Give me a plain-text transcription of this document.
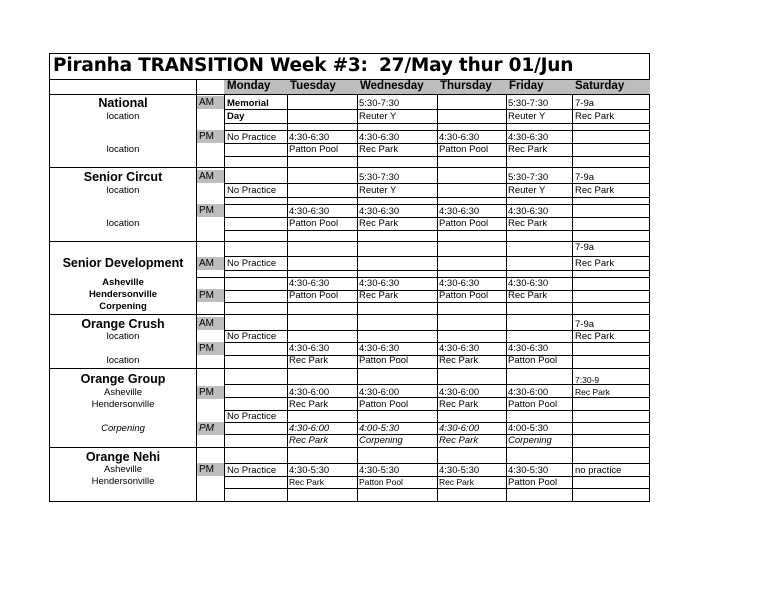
Piranha TRANSITION Week #3: 27/May thur 01/Jun
Monday Tuesday Wednesday Thursday Friday	Saturday
National
location
location
AM
PM
Memorial
Day
5:30-7:30
Reuter Y
5:30-7:30
Reuter Y
7-9a
Rec Park
No Practice 4:30-6:30
Patton Pool
4:30-6:30
Rec Park
4:30-6:30
Patton Pool
4:30-6:30
Rec Park
Senior Circut
location
location
AM
PM
No Practice
5:30-7:30
Reuter Y
5:30-7:30
Reuter Y
7-9a
Rec Park
4:30-6:30
Patton Pool
4:30-6:30
Rec Park
4:30-6:30
Patton Pool
4:30-6:30
Rec Park
Senior Development
Asheville
Hendersonville
Corpening
AM
PM
No Practice
7-9a
Rec Park
4:30-6:30
Patton Pool
4:30-6:30
Rec Park
4:30-6:30
Patton Pool
4:30-6:30
Rec Park
Orange Crush
location
location
AM
PM
No Practice
7-9a
Rec Park
4:30-6:30
Rec Park
4:30-6:30
Patton Pool
4:30-6:30
Rec Park
4:30-6:30
Patton Pool
Orange Group
Asheville
Hendersonville
Corpening
PM
PM
4:30-6:00
Rec Park
4:30-6:00
Patton Pool
4:30-6:00
Rec Park
4:30-6:00
Patton Pool
7:30-9
Rec Park
No Practice
4:30-6:00
Rec Park
4:00-5:30
Corpening
4:30-6:00
Rec Park
4:00-5:30
Corpening
Orange Nehi
Asheville
Hendersonville
PM	No Practice 4:30-5:30
Rec Park
4:30-5:30
Patton Pool
4:30-5:30
Rec Park
4:30-5:30
Patton Pool
no practice
